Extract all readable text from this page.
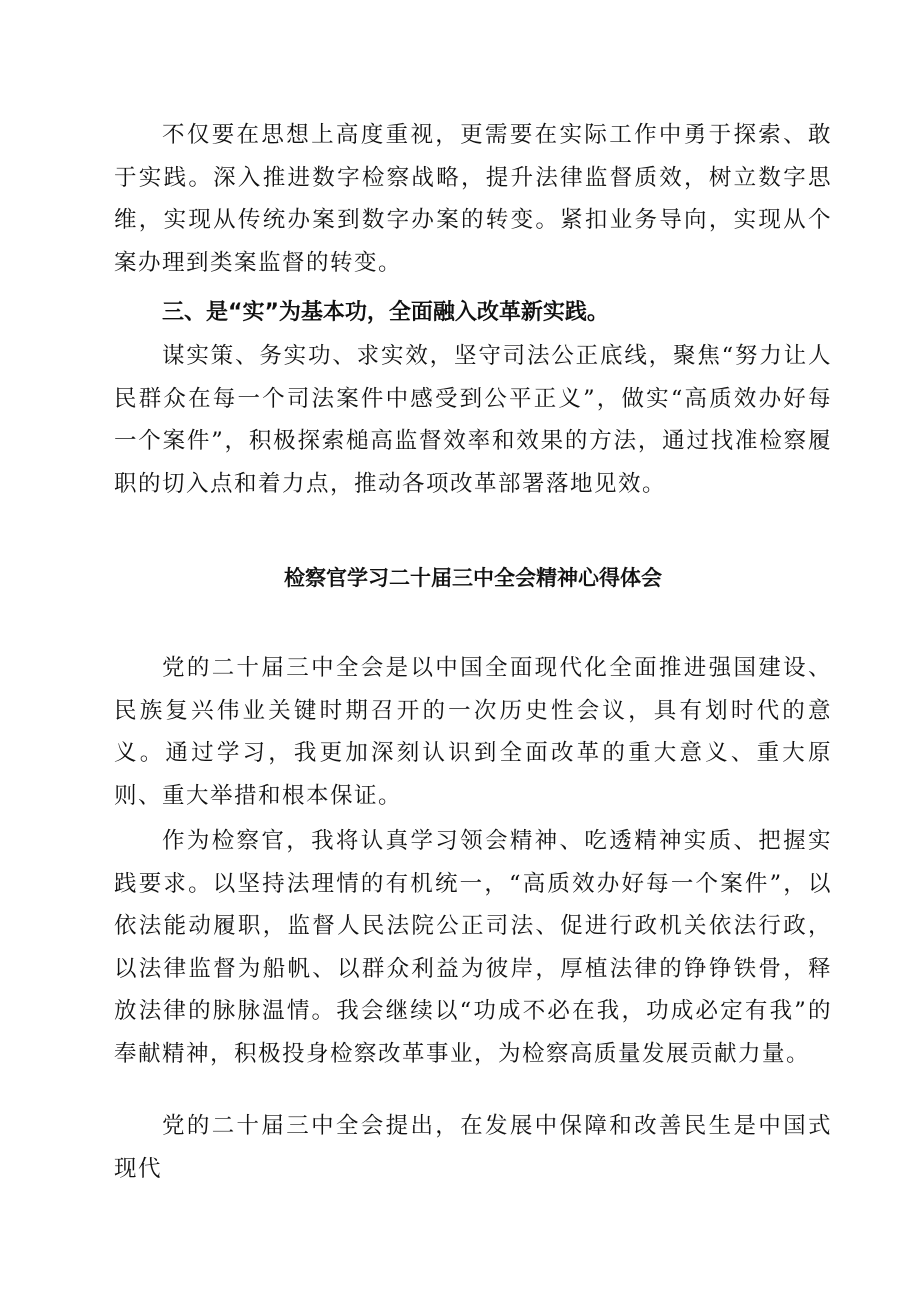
不仅要在思想上高度重视，更需要在实际工作中勇于探索、敢于实践。深入推进数字检察战略，提升法律监督质效，树立数字思维，实现从传统办案到数字办案的转变。紧扣业务导向，实现从个案办理到类案监督的转变。

三、是“实”为基本功，全面融入改革新实践。

谋实策、务实功、求实效，坚守司法公正底线，聚焦“努力让人民群众在每一个司法案件中感受到公平正义”，做实“高质效办好每一个案件”，积极探索槌高监督效率和效果的方法，通过找准检察履职的切入点和着力点，推动各项改革部署落地见效。

检察官学习二十届三中全会精神心得体会

党的二十届三中全会是以中国全面现代化全面推进强国建设、民族复兴伟业关键时期召开的一次历史性会议，具有划时代的意义。通过学习，我更加深刻认识到全面改革的重大意义、重大原则、重大举措和根本保证。

作为检察官，我将认真学习领会精神、吃透精神实质、把握实践要求。以坚持法理情的有机统一，“高质效办好每一个案件”，以依法能动履职，监督人民法院公正司法、促进行政机关依法行政，以法律监督为船帆、以群众利益为彼岸，厚植法律的铮铮铁骨，释放法律的脉脉温情。我会继续以“功成不必在我，功成必定有我”的奉献精神，积极投身检察改革事业，为检察高质量发展贡献力量。

党的二十届三中全会提出，在发展中保障和改善民生是中国式现代
